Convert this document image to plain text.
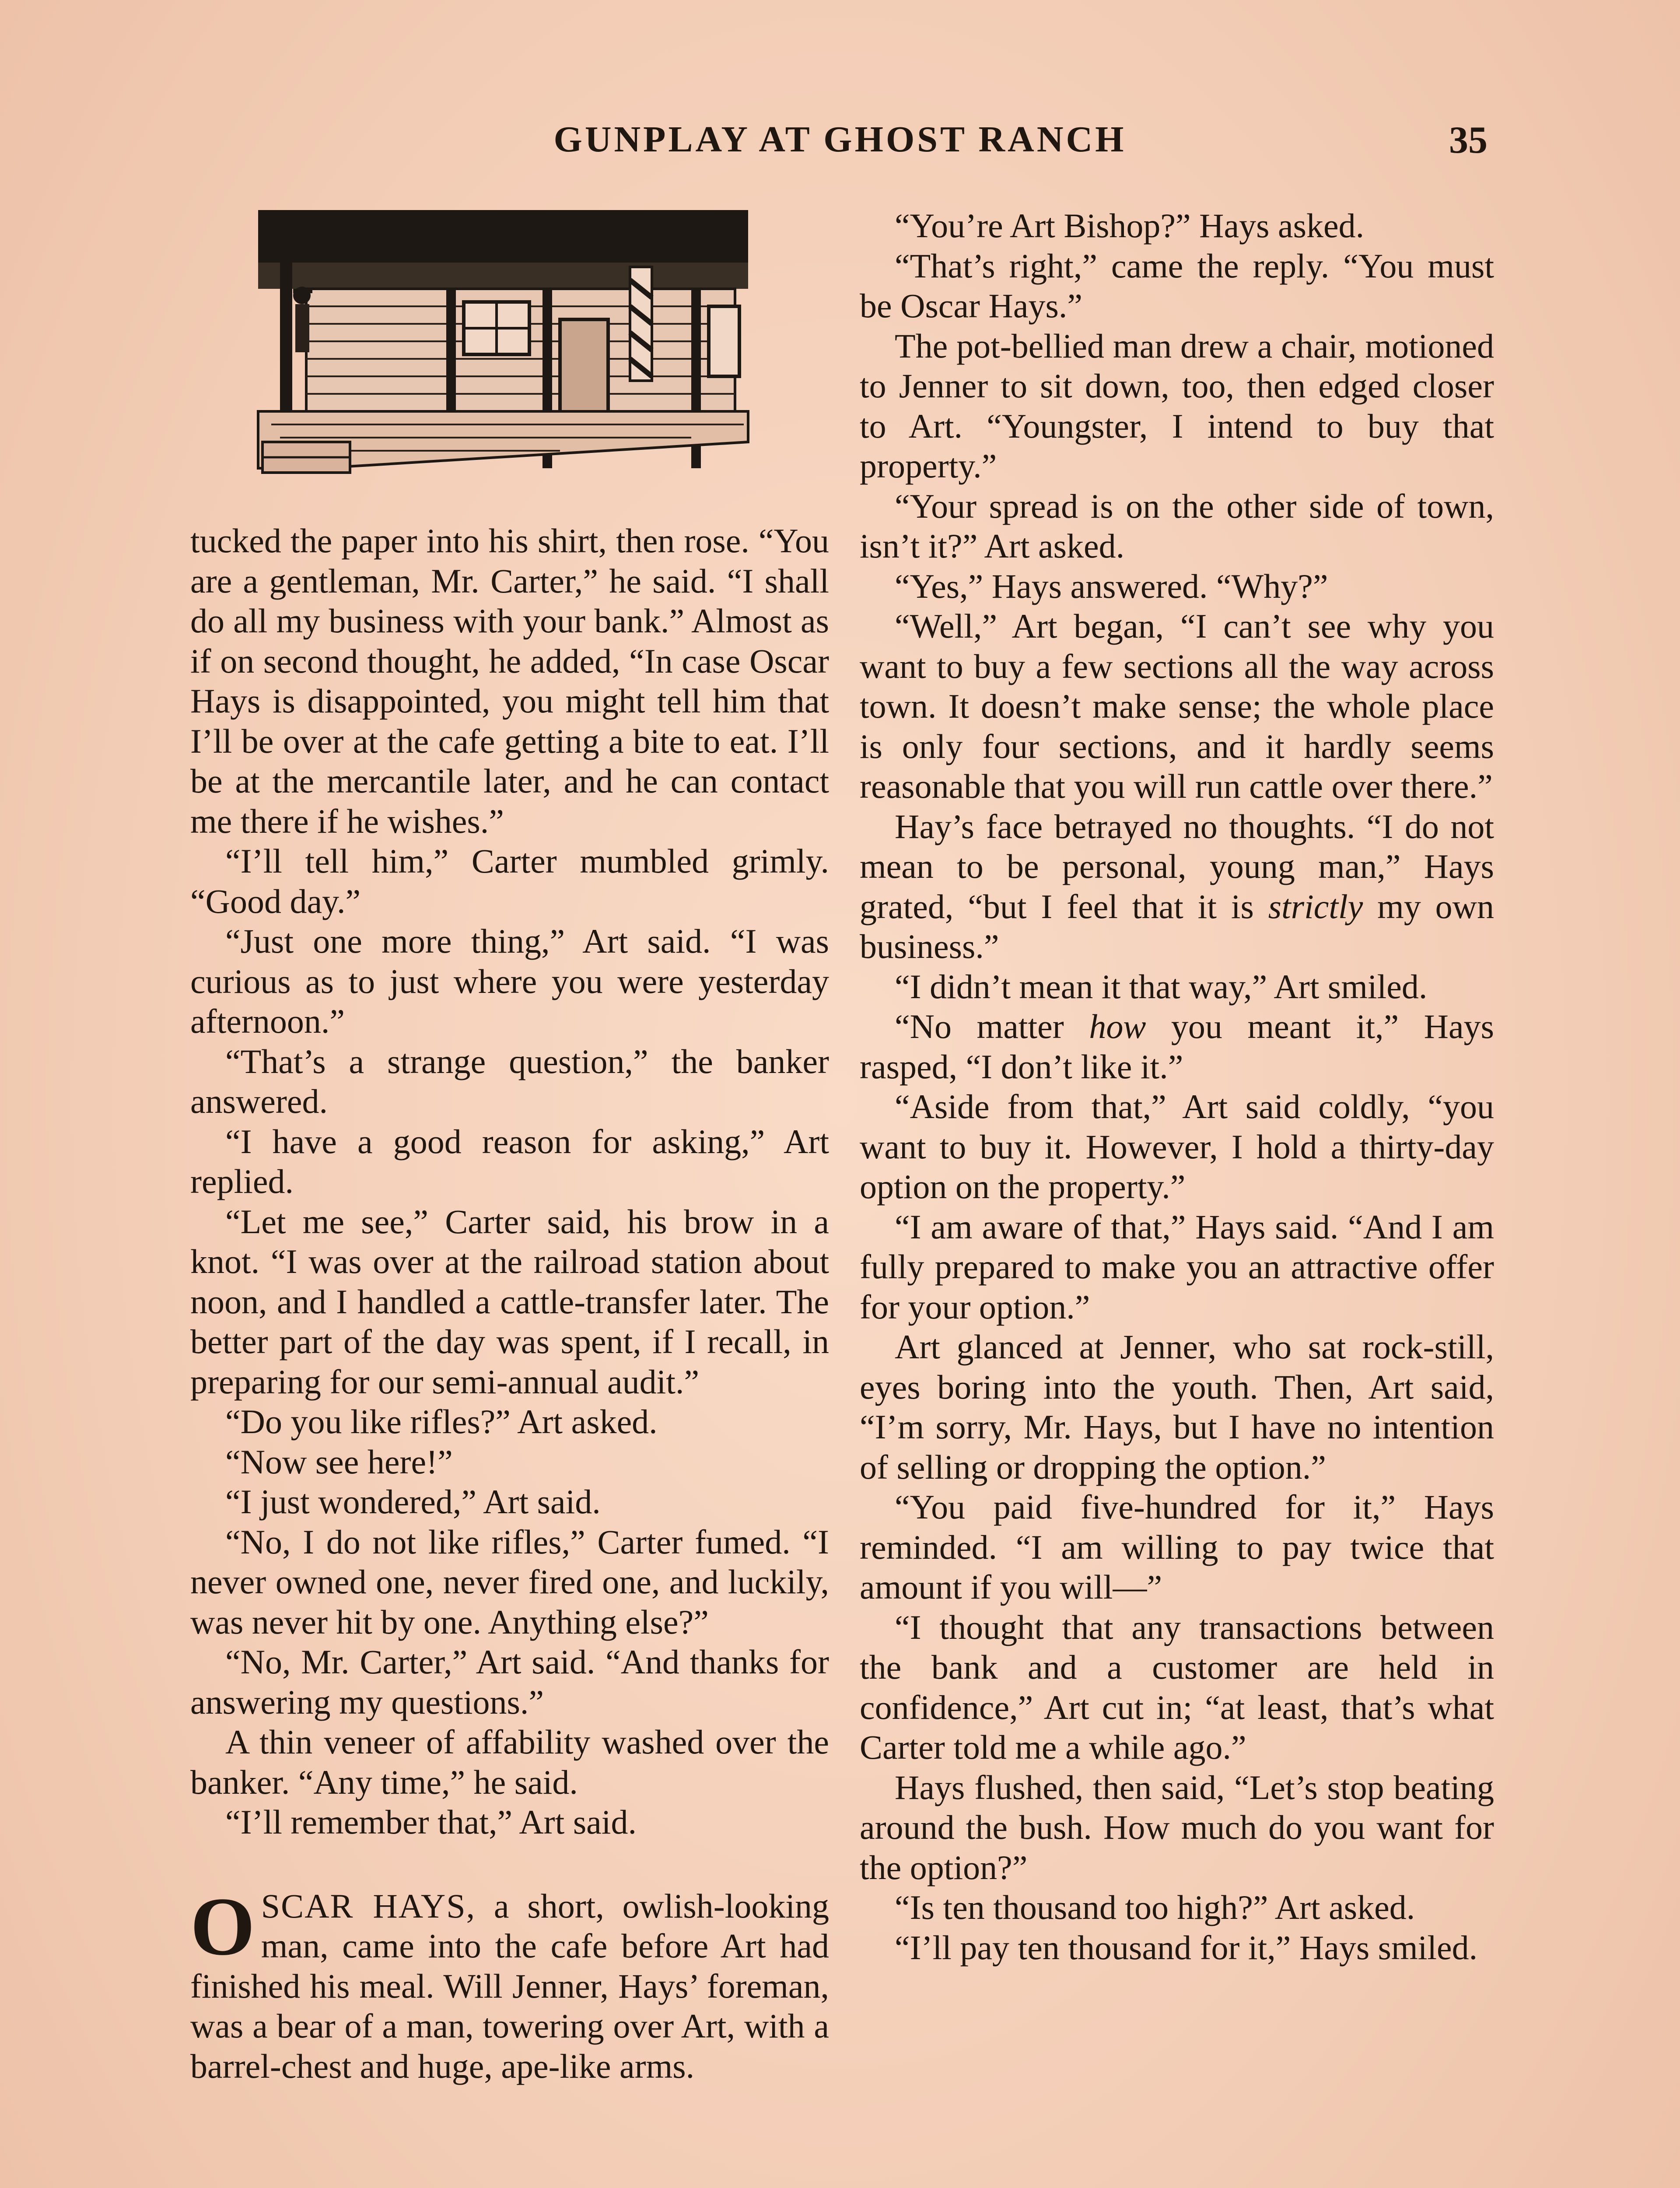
GUNPLAY AT GHOST RANCH	35

tucked the paper into his shirt, then rose. “You are a gentleman, Mr. Carter,” he said. “I shall do all my business with your bank.” Almost as if on second thought, he added, “In case Oscar Hays is disappointed, you might tell him that I’ll be over at the cafe getting a bite to eat. I’ll be at the mercantile later, and he can contact me there if he wishes.”

“I’ll tell him,” Carter mumbled grimly. “Good day.”

“Just one more thing,” Art said. “I was curious as to just where you were yesterday afternoon.”

“That’s a strange question,” the banker answered.

“I have a good reason for asking,” Art replied.

“Let me see,” Carter said, his brow in a knot. “I was over at the railroad station about noon, and I handled a cattle-transfer later. The better part of the day was spent, if I recall, in preparing for our semi-annual audit.”

“Do you like rifles?” Art asked.

“Now see here!”

“I just wondered,” Art said.

“No, I do not like rifles,” Carter fumed. “I never owned one, never fired one, and luckily, was never hit by one. Anything else?”

“No, Mr. Carter,” Art said. “And thanks for answering my questions.”

A thin veneer of affability washed over the banker. “Any time,” he said.

“I’ll remember that,” Art said.

OSCAR HAYS, a short, owlish-looking man, came into the cafe before Art had finished his meal. Will Jenner, Hays’ foreman, was a bear of a man, towering over Art, with a barrel-chest and huge, ape-like arms.

“You’re Art Bishop?” Hays asked.

“That’s right,” came the reply. “You must be Oscar Hays.”

The pot-bellied man drew a chair, motioned to Jenner to sit down, too, then edged closer to Art. “Youngster, I intend to buy that property.”

“Your spread is on the other side of town, isn’t it?” Art asked.

“Yes,” Hays answered. “Why?”

“Well,” Art began, “I can’t see why you want to buy a few sections all the way across town. It doesn’t make sense; the whole place is only four sections, and it hardly seems reasonable that you will run cattle over there.”

Hay’s face betrayed no thoughts. “I do not mean to be personal, young man,” Hays grated, “but I feel that it is strictly my own business.”

“I didn’t mean it that way,” Art smiled.

“No matter how you meant it,” Hays rasped, “I don’t like it.”

“Aside from that,” Art said coldly, “you want to buy it. However, I hold a thirty-day option on the property.”

“I am aware of that,” Hays said. “And I am fully prepared to make you an attractive offer for your option.”

Art glanced at Jenner, who sat rock-still, eyes boring into the youth. Then, Art said, “I’m sorry, Mr. Hays, but I have no intention of selling or dropping the option.”

“You paid five-hundred for it,” Hays reminded. “I am willing to pay twice that amount if you will—”

“I thought that any transactions between the bank and a customer are held in confidence,” Art cut in; “at least, that’s what Carter told me a while ago.”

Hays flushed, then said, “Let’s stop beating around the bush. How much do you want for the option?”

“Is ten thousand too high?” Art asked.

“I’ll pay ten thousand for it,” Hays smiled.
